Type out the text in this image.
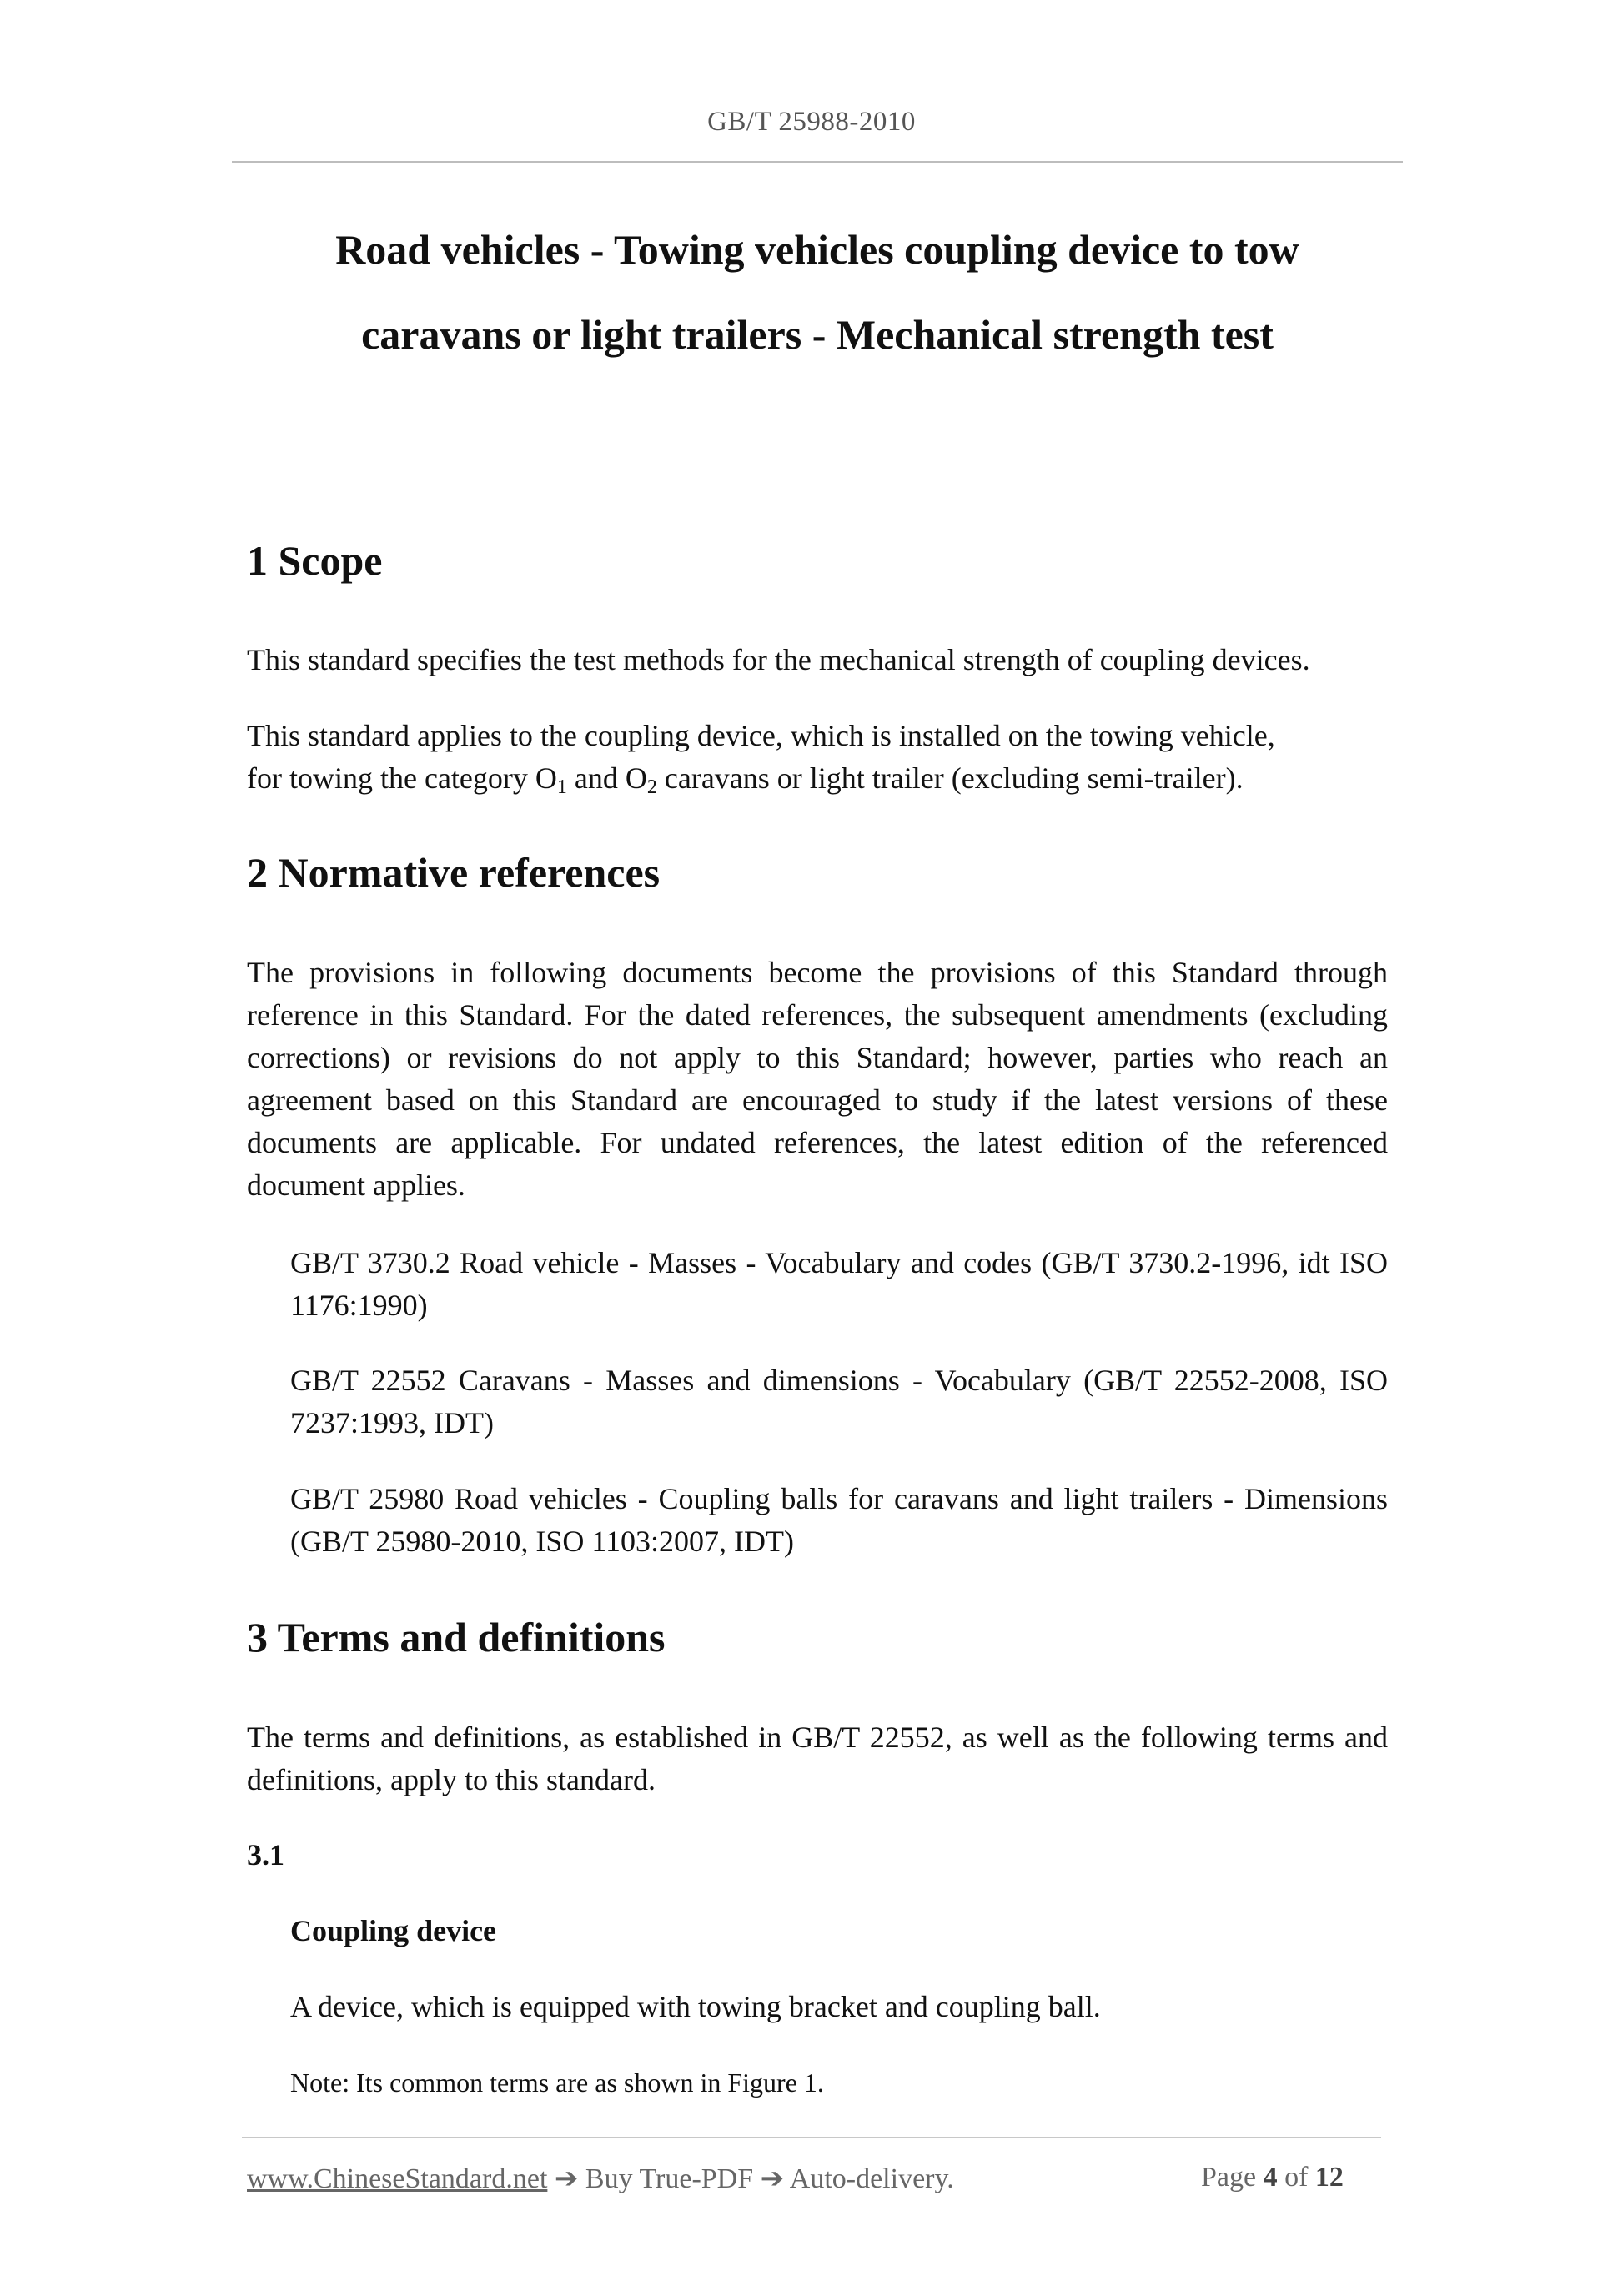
GB/T 25988-2010
Road vehicles - Towing vehicles coupling device to tow
caravans or light trailers - Mechanical strength test
1 Scope
This standard specifies the test methods for the mechanical strength of coupling devices.
This standard applies to the coupling device, which is installed on the towing vehicle,
for towing the category $O_1$ and $O_2$ caravans or light trailer (excluding semi-trailer).
2 Normative references
The provisions in following documents become the provisions of this Standard through reference in this Standard. For the dated references, the subsequent amendments (excluding corrections) or revisions do not apply to this Standard; however, parties who reach an agreement based on this Standard are encouraged to study if the latest versions of these documents are applicable. For undated references, the latest edition of the referenced document applies.
GB/T 3730.2 Road vehicle - Masses - Vocabulary and codes (GB/T 3730.2-1996, idt ISO 1176:1990)
GB/T 22552 Caravans - Masses and dimensions - Vocabulary (GB/T 22552-2008, ISO 7237:1993, IDT)
GB/T 25980 Road vehicles - Coupling balls for caravans and light trailers - Dimensions (GB/T 25980-2010, ISO 1103:2007, IDT)
3 Terms and definitions
The terms and definitions, as established in GB/T 22552, as well as the following terms and definitions, apply to this standard.
3.1
Coupling device
A device, which is equipped with towing bracket and coupling ball.
Note: Its common terms are as shown in Figure 1.
www.ChineseStandard.net ➔ Buy True-PDF ➔ Auto-delivery.	Page 4 of 12
